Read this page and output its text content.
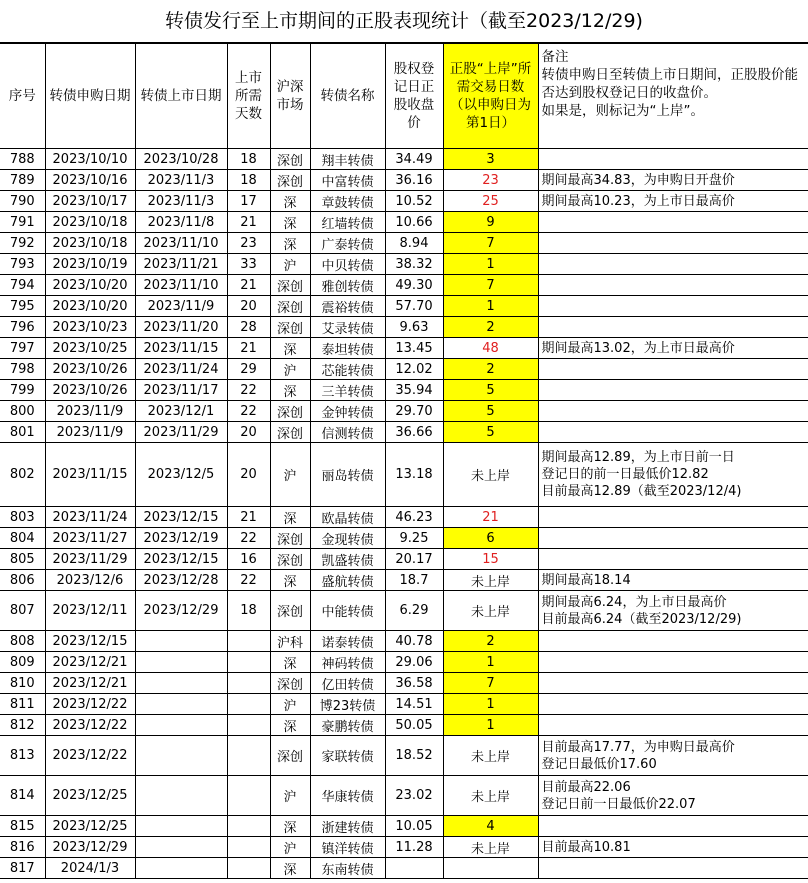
转债发行至上市期间的正股表现统计（截至2023/12/29)
序号	转债申购日期	转债上市日期	上市所需天数	沪深市场	转债名称	股权登记日正股收盘价	正股“上岸”所需交易日数（以申购日为第1日）	备注
转债申购日至转债上市日期间，正股股价能否达到股权登记日的收盘价。
如果是，则标记为“上岸”。
788	2023/10/10	2023/10/28	18	深创	翔丰转债	34.49	3	
789	2023/10/16	2023/11/3	18	深创	中富转债	36.16	23	期间最高34.83，为申购日开盘价
790	2023/10/17	2023/11/3	17	深	章鼓转债	10.52	25	期间最高10.23，为上市日最高价
791	2023/10/18	2023/11/8	21	深	红墙转债	10.66	9	
792	2023/10/18	2023/11/10	23	深	广泰转债	8.94	7	
793	2023/10/19	2023/11/21	33	沪	中贝转债	38.32	1	
794	2023/10/20	2023/11/10	21	深创	雅创转债	49.30	7	
795	2023/10/20	2023/11/9	20	深创	震裕转债	57.70	1	
796	2023/10/23	2023/11/20	28	深创	艾录转债	9.63	2	
797	2023/10/25	2023/11/15	21	深	泰坦转债	13.45	48	期间最高13.02，为上市日最高价
798	2023/10/26	2023/11/24	29	沪	芯能转债	12.02	2	
799	2023/10/26	2023/11/17	22	深	三羊转债	35.94	5	
800	2023/11/9	2023/12/1	22	深创	金钟转债	29.70	5	
801	2023/11/9	2023/11/29	20	深创	信测转债	36.66	5	
802	2023/11/15	2023/12/5	20	沪	丽岛转债	13.18	未上岸	期间最高12.89，为上市日前一日
登记日的前一日最低价12.82
目前最高12.89（截至2023/12/4)
803	2023/11/24	2023/12/15	21	深	欧晶转债	46.23	21	
804	2023/11/27	2023/12/19	22	深创	金现转债	9.25	6	
805	2023/11/29	2023/12/15	16	深创	凯盛转债	20.17	15	
806	2023/12/6	2023/12/28	22	深	盛航转债	18.7	未上岸	期间最高18.14
807	2023/12/11	2023/12/29	18	深创	中能转债	6.29	未上岸	期间最高6.24，为上市日最高价
目前最高6.24（截至2023/12/29)
808	2023/12/15			沪科	诺泰转债	40.78	2	
809	2023/12/21			深	神码转债	29.06	1	
810	2023/12/21			深创	亿田转债	36.58	7	
811	2023/12/22			沪	博23转债	14.51	1	
812	2023/12/22			深	豪鹏转债	50.05	1	
813	2023/12/22			深创	家联转债	18.52	未上岸	目前最高17.77，为申购日最高价
登记日最低价17.60
814	2023/12/25			沪	华康转债	23.02	未上岸	目前最高22.06
登记日前一日最低价22.07
815	2023/12/25			深	浙建转债	10.05	4	
816	2023/12/29			沪	镇洋转债	11.28	未上岸	目前最高10.81
817	2024/1/3			深	东南转债			
